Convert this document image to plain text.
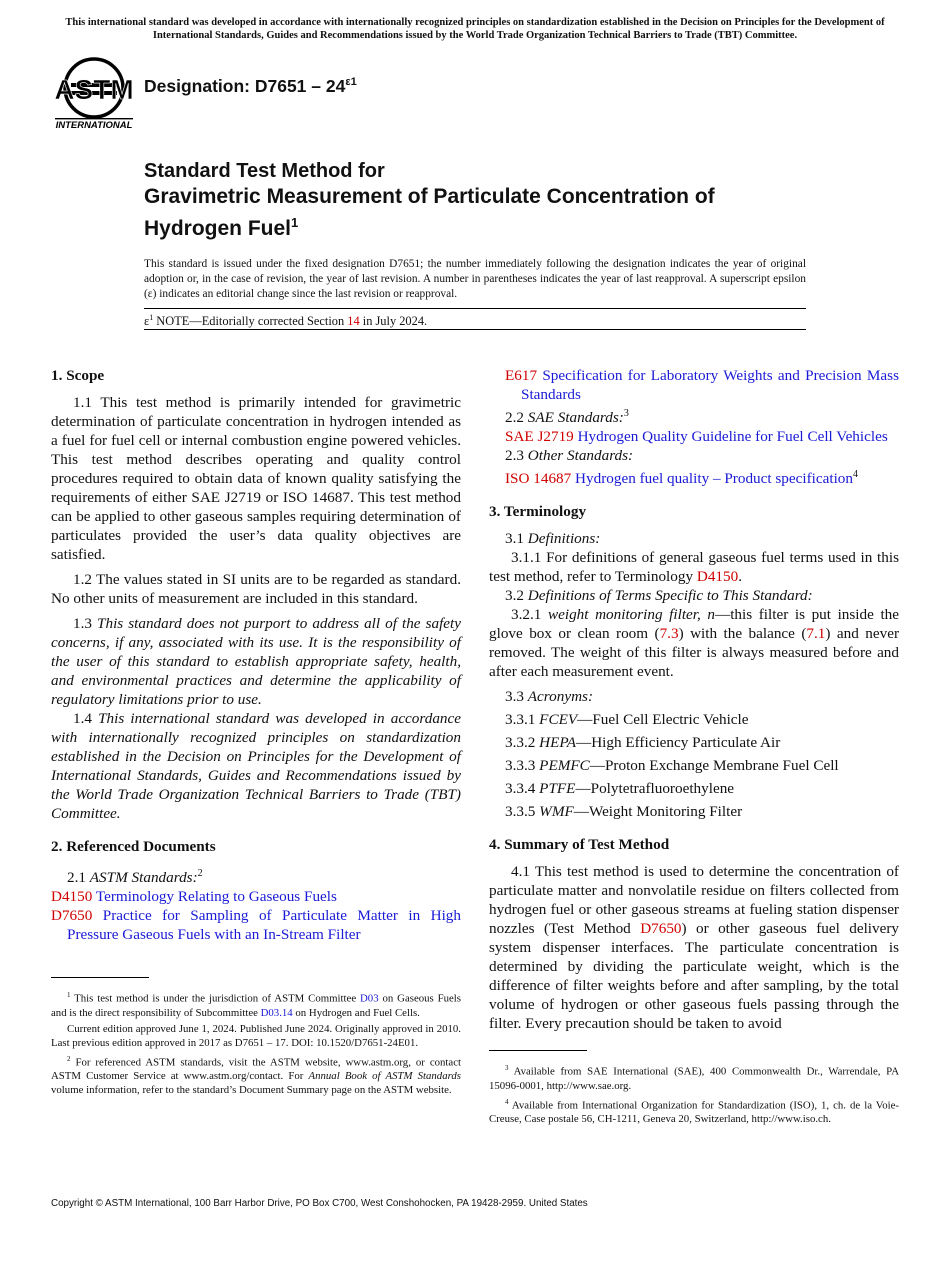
This international standard was developed in accordance with internationally recognized principles on standardization established in the Decision on Principles for the Development of International Standards, Guides and Recommendations issued by the World Trade Organization Technical Barriers to Trade (TBT) Committee.
ASTM
INTERNATIONAL
Designation: $D7651 - 24^{\varepsilon 1}$
Standard Test Method for
Gravimetric Measurement of Particulate Concentration of
Hydrogen Fuel$^1$
This standard is issued under the fixed designation D7651; the number immediately following the designation indicates the year of original adoption or, in the case of revision, the year of last revision. A number in parentheses indicates the year of last reapproval. A superscript epsilon (ε) indicates an editorial change since the last revision or reapproval.
$\varepsilon^1$ NOTE—Editorially corrected Section 14 in July 2024.
1. Scope

1.1 This test method is primarily intended for gravimetric determination of particulate concentration in hydrogen intended as a fuel for fuel cell or internal combustion engine powered vehicles. This test method describes operating and quality control procedures required to obtain data of known quality satisfying the requirements of either SAE J2719 or ISO 14687. This test method can be applied to other gaseous samples requiring determination of particulates provided the user’s data quality objectives are satisfied.

1.2 The values stated in SI units are to be regarded as standard. No other units of measurement are included in this standard.

1.3 This standard does not purport to address all of the safety concerns, if any, associated with its use. It is the responsibility of the user of this standard to establish appropriate safety, health, and environmental practices and determine the applicability of regulatory limitations prior to use.

1.4 This international standard was developed in accordance with internationally recognized principles on standardization established in the Decision on Principles for the Development of International Standards, Guides and Recommendations issued by the World Trade Organization Technical Barriers to Trade (TBT) Committee.

2. Referenced Documents
2.1 ASTM Standards:$^2$
D4150 Terminology Relating to Gaseous Fuels
D7650 Practice for Sampling of Particulate Matter in High Pressure Gaseous Fuels with an In-Stream Filter

$^1$ This test method is under the jurisdiction of ASTM Committee D03 on Gaseous Fuels and is the direct responsibility of Subcommittee D03.14 on Hydrogen and Fuel Cells.

Current edition approved June 1, 2024. Published June 2024. Originally approved in 2010. Last previous edition approved in 2017 as D7651 – 17. DOI: 10.1520/D7651-24E01.

$^2$ For referenced ASTM standards, visit the ASTM website, www.astm.org, or contact ASTM Customer Service at www.astm.org/contact. For Annual Book of ASTM Standards volume information, refer to the standard’s Document Summary page on the ASTM website.

E617 Specification for Laboratory Weights and Precision Mass Standards
2.2 SAE Standards:$^3$
SAE J2719 Hydrogen Quality Guideline for Fuel Cell Vehicles
2.3 Other Standards:
ISO 14687 Hydrogen fuel quality – Product specification$^4$
3. Terminology
3.1 Definitions:

3.1.1 For definitions of general gaseous fuel terms used in this test method, refer to Terminology D4150.

3.2 Definitions of Terms Specific to This Standard:

3.2.1 weight monitoring filter, n—this filter is put inside the glove box or clean room (7.3) with the balance (7.1) and never removed. The weight of this filter is always measured before and after each measurement event.

3.3 Acronyms:
3.3.1 FCEV—Fuel Cell Electric Vehicle
3.3.2 HEPA—High Efficiency Particulate Air
3.3.3 PEMFC—Proton Exchange Membrane Fuel Cell
3.3.4 PTFE—Polytetrafluoroethylene
3.3.5 WMF—Weight Monitoring Filter
4. Summary of Test Method

4.1 This test method is used to determine the concentration of particulate matter and nonvolatile residue on filters collected from hydrogen fuel or other gaseous streams at fueling station dispenser nozzles (Test Method D7650) or other gaseous fuel delivery system dispenser interfaces. The particulate concentration is determined by dividing the particulate weight, which is the difference of filter weights before and after sampling, by the total volume of hydrogen or other gaseous fuels passing through the filter. Every precaution should be taken to avoid

$^3$ Available from SAE International (SAE), 400 Commonwealth Dr., Warrendale, PA 15096-0001, http://www.sae.org.

$^4$ Available from International Organization for Standardization (ISO), 1, ch. de la Voie-Creuse, Case postale 56, CH-1211, Geneva 20, Switzerland, http://www.iso.ch.

Copyright © ASTM International, 100 Barr Harbor Drive, PO Box C700, West Conshohocken, PA 19428-2959. United States
